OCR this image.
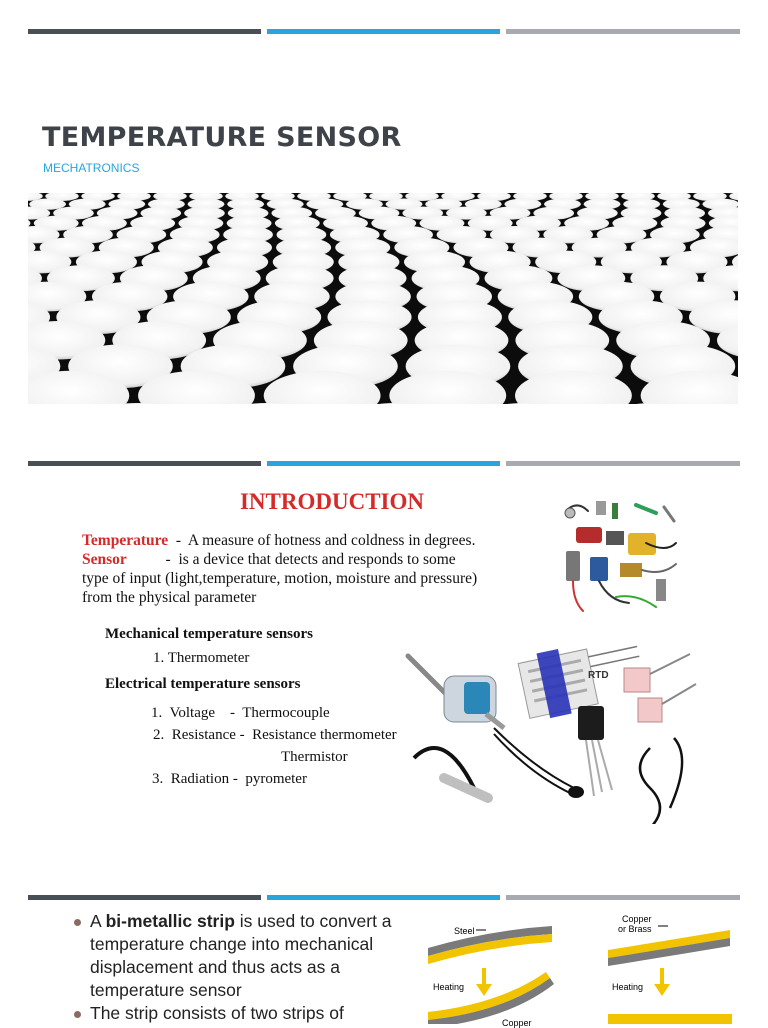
TEMPERATURE SENSOR
MECHATRONICS
INTRODUCTION
Temperature  -  A measure of hotness and coldness in degrees.
Sensor          -  is a device that detects and responds to some
type of input (light,temperature, motion, moisture and pressure)
from the physical parameter
Mechanical temperature sensors
1. Thermometer
Electrical temperature sensors
1.  Voltage    -  Thermocouple
2.  Resistance -  Resistance thermometer
Thermistor
3.  Radiation -  pyrometer
RTD
A bi-metallic strip is used to convert a temperature change into mechanical displacement and thus acts as a temperature sensor
The strip consists of two strips of
Steel
Heating
Copper
Copper
or Brass
Heating
